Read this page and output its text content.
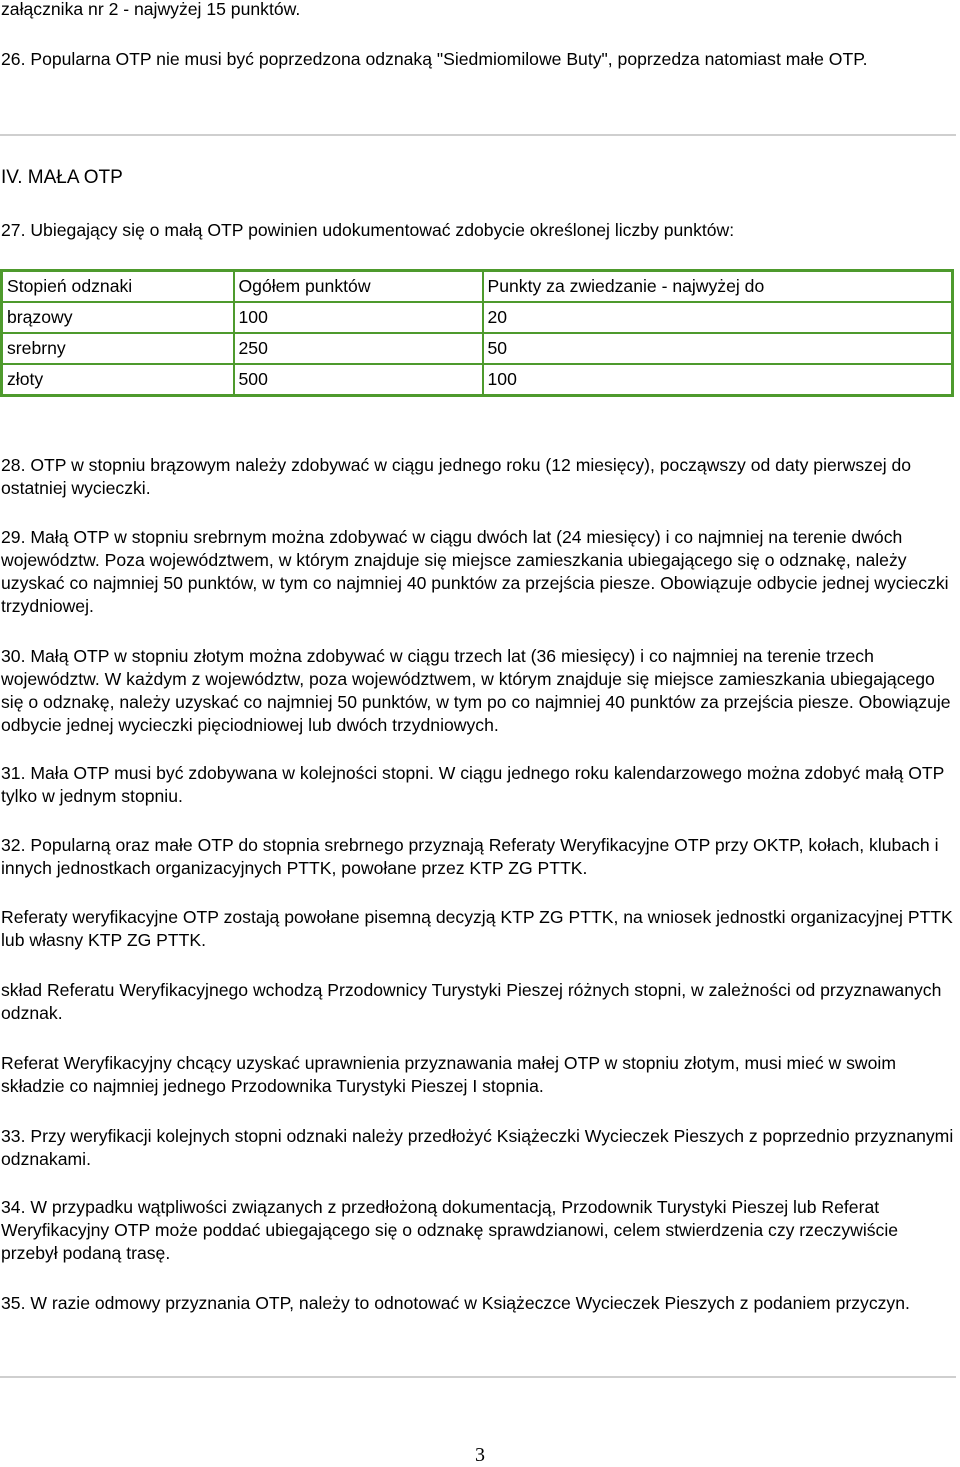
załącznika nr 2 - najwyżej 15 punktów.
26. Popularna OTP nie musi być poprzedzona odznaką "Siedmiomilowe Buty", poprzedza natomiast małe OTP.
IV. MAŁA OTP
27. Ubiegający się o małą OTP powinien udokumentować zdobycie określonej liczby punktów:
Stopień odznaki	Ogółem punktów	Punkty za zwiedzanie - najwyżej do
brązowy	100	20
srebrny	250	50
złoty	500	100
28. OTP w stopniu brązowym należy zdobywać w ciągu jednego roku (12 miesięcy), począwszy od daty pierwszej do ostatniej wycieczki.
29. Małą OTP w stopniu srebrnym można zdobywać w ciągu dwóch lat (24 miesięcy) i co najmniej na terenie dwóch województw. Poza województwem, w którym znajduje się miejsce zamieszkania ubiegającego się o odznakę, należy uzyskać co najmniej 50 punktów, w tym co najmniej 40 punktów za przejścia piesze. Obowiązuje odbycie jednej wycieczki trzydniowej.
30. Małą OTP w stopniu złotym można zdobywać w ciągu trzech lat (36 miesięcy) i co najmniej na terenie trzech województw. W każdym z województw, poza województwem, w którym znajduje się miejsce zamieszkania ubiegającego się o odznakę, należy uzyskać co najmniej 50 punktów, w tym po co najmniej 40 punktów za przejścia piesze. Obowiązuje odbycie jednej wycieczki pięciodniowej lub dwóch trzydniowych.
31. Mała OTP musi być zdobywana w kolejności stopni. W ciągu jednego roku kalendarzowego można zdobyć małą OTP tylko w jednym stopniu.
32. Popularną oraz małe OTP do stopnia srebrnego przyznają Referaty Weryfikacyjne OTP przy OKTP, kołach, klubach i innych jednostkach organizacyjnych PTTK, powołane przez KTP ZG PTTK.
Referaty weryfikacyjne OTP zostają powołane pisemną decyzją KTP ZG PTTK, na wniosek jednostki organizacyjnej PTTK lub własny KTP ZG PTTK.
skład Referatu Weryfikacyjnego wchodzą Przodownicy Turystyki Pieszej różnych stopni, w zależności od przyznawanych odznak.
Referat Weryfikacyjny chcący uzyskać uprawnienia przyznawania małej OTP w stopniu złotym, musi mieć w swoim składzie co najmniej jednego Przodownika Turystyki Pieszej I stopnia.
33. Przy weryfikacji kolejnych stopni odznaki należy przedłożyć Książeczki Wycieczek Pieszych z poprzednio przyznanymi odznakami.
34. W przypadku wątpliwości związanych z przedłożoną dokumentacją, Przodownik Turystyki Pieszej lub Referat Weryfikacyjny OTP może poddać ubiegającego się o odznakę sprawdzianowi, celem stwierdzenia czy rzeczywiście przebył podaną trasę.
35. W razie odmowy przyznania OTP, należy to odnotować w Książeczce Wycieczek Pieszych z podaniem przyczyn.
3
